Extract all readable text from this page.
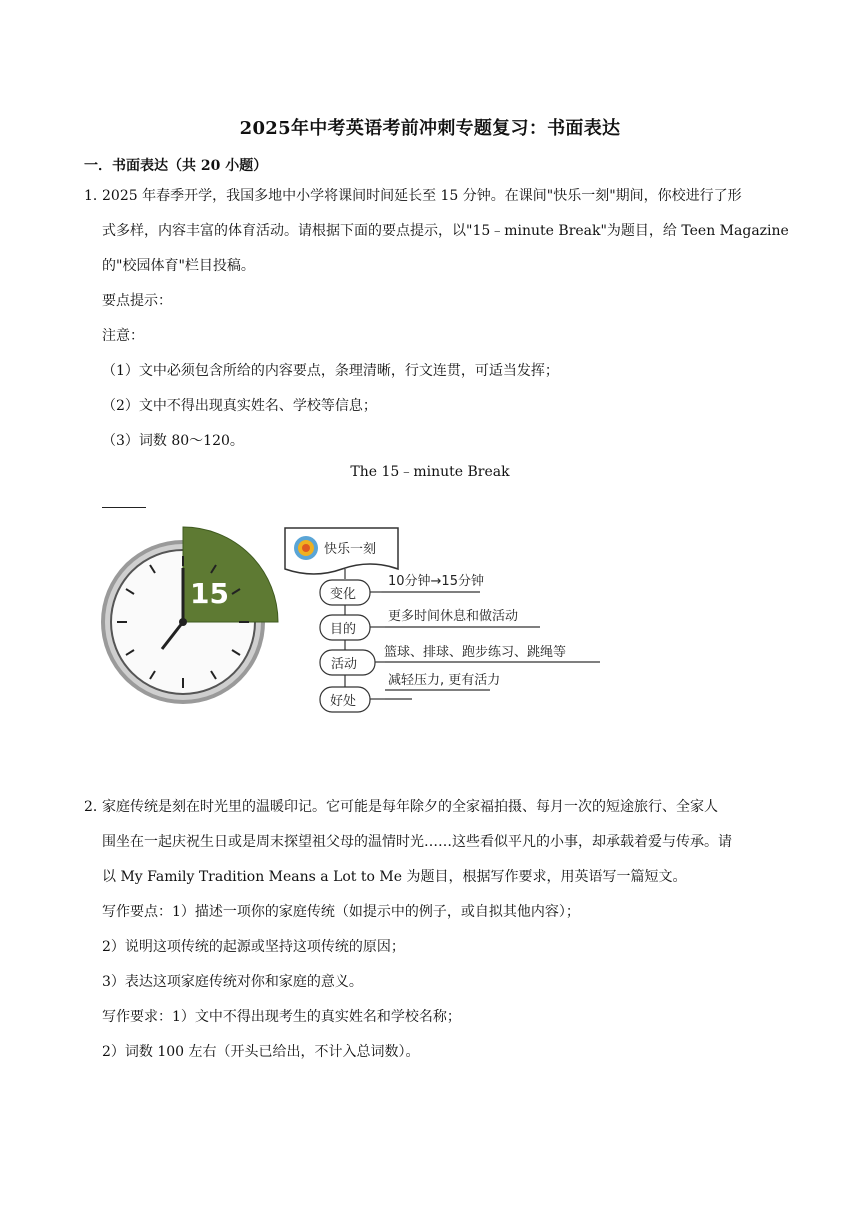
2025年中考英语考前冲刺专题复习：书面表达
一．书面表达（共 20 小题）
1．
2025 年春季开学，我国多地中小学将课间时间延长至 15 分钟。在课间"快乐一刻"期间，你校进行了形
式多样，内容丰富的体育活动。请根据下面的要点提示，以"15﹣minute Break"为题目，给 Teen Magazine
的"校园体育"栏目投稿。
要点提示：
注意：
（1）文中必须包含所给的内容要点，条理清晰，行文连贯，可适当发挥；
（2）文中不得出现真实姓名、学校等信息；
（3）词数 80～120。
The 15﹣minute Break
15
快乐一刻
变化
10分钟→15分钟
目的
更多时间休息和做活动
活动
篮球、排球、跑步练习、跳绳等
减轻压力, 更有活力
好处
2．
家庭传统是刻在时光里的温暖印记。它可能是每年除夕的全家福拍摄、每月一次的短途旅行、全家人
围坐在一起庆祝生日或是周末探望祖父母的温情时光……这些看似平凡的小事，却承载着爱与传承。请
以 My Family Tradition Means a Lot to Me 为题目，根据写作要求，用英语写一篇短文。
写作要点：1）描述一项你的家庭传统（如提示中的例子，或自拟其他内容）；
2）说明这项传统的起源或坚持这项传统的原因；
3）表达这项家庭传统对你和家庭的意义。
写作要求：1）文中不得出现考生的真实姓名和学校名称；
2）词数 100 左右（开头已给出，不计入总词数）。
